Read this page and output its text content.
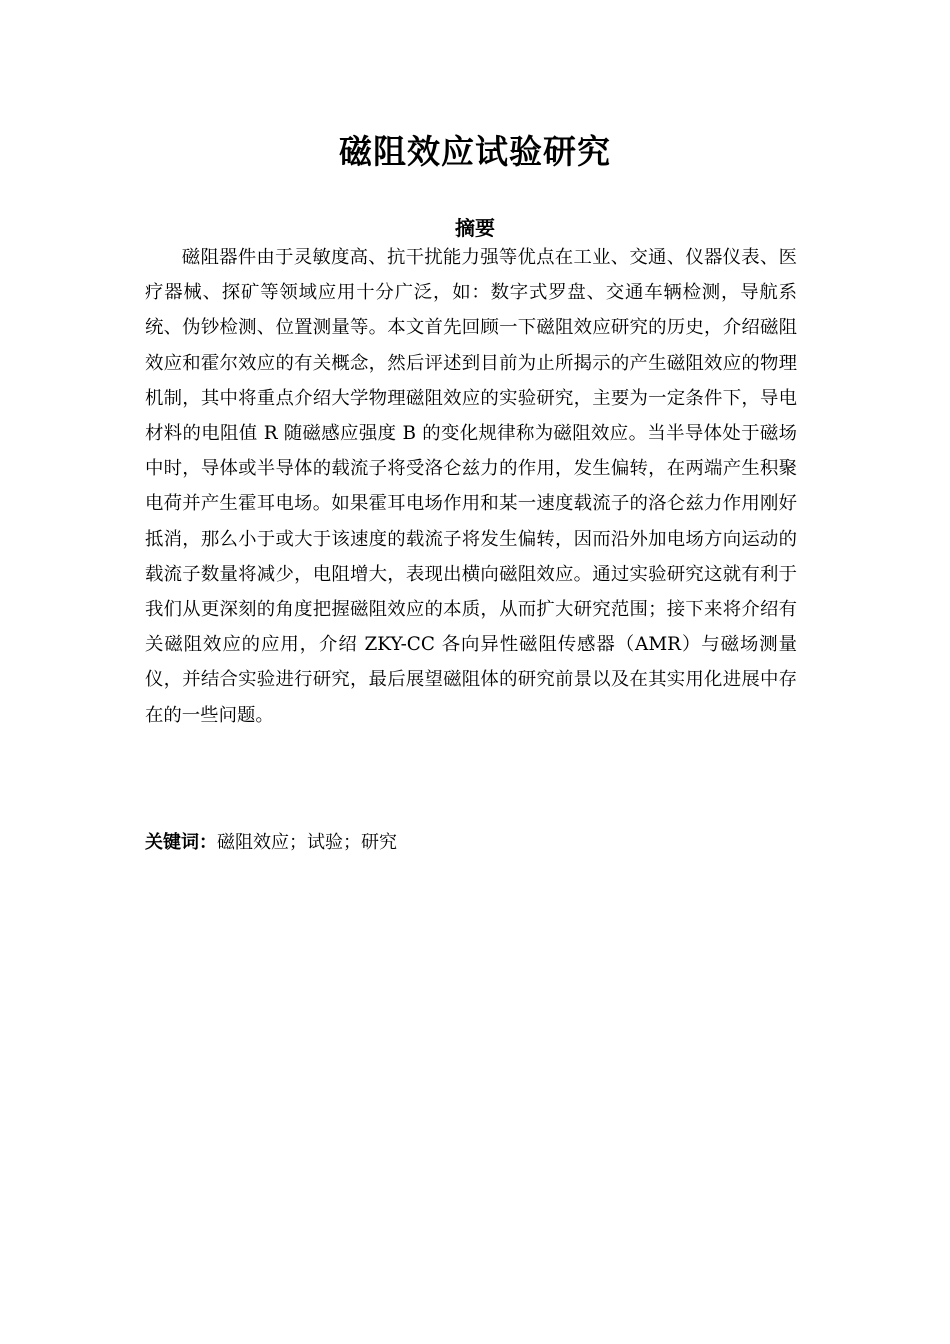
磁阻效应试验研究
摘要

磁阻器件由于灵敏度高、抗干扰能力强等优点在工业、交通、仪器仪表、医疗器械、探矿等领域应用十分广泛，如：数字式罗盘、交通车辆检测，导航系统、伪钞检测、位置测量等。本文首先回顾一下磁阻效应研究的历史，介绍磁阻效应和霍尔效应的有关概念，然后评述到目前为止所揭示的产生磁阻效应的物理机制，其中将重点介绍大学物理磁阻效应的实验研究，主要为一定条件下，导电材料的电阻值 R 随磁感应强度 B 的变化规律称为磁阻效应。当半导体处于磁场中时，导体或半导体的载流子将受洛仑兹力的作用，发生偏转，在两端产生积聚电荷并产生霍耳电场。如果霍耳电场作用和某一速度载流子的洛仑兹力作用刚好抵消，那么小于或大于该速度的载流子将发生偏转，因而沿外加电场方向运动的载流子数量将减少，电阻增大，表现出横向磁阻效应。通过实验研究这就有利于我们从更深刻的角度把握磁阻效应的本质，从而扩大研究范围；接下来将介绍有关磁阻效应的应用，介绍 ZKY-CC 各向异性磁阻传感器（AMR）与磁场测量仪，并结合实验进行研究，最后展望磁阻体的研究前景以及在其实用化进展中存在的一些问题。

关键词：磁阻效应；试验；研究
